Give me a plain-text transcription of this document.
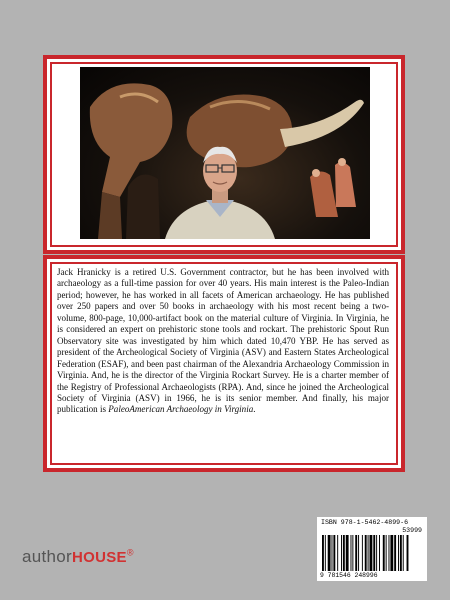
Jack Hranicky is a retired U.S. Government contractor, but he has been involved with archaeology as a full-time passion for over 40 years. His main interest is the Paleo-Indian period; however, he has worked in all facets of American archaeology. He has published over 250 papers and over 50 books in archaeology with his most recent being a two-volume, 800-page, 10,000-artifact book on the material culture of Virginia. In Virginia, he is considered an expert on prehistoric stone tools and rockart. The prehistoric Spout Run Observatory site was investigated by him which dated 10,470 YBP. He has served as president of the Archeological Society of Virginia (ASV) and Eastern States Archeological Federation (ESAF), and been past chairman of the Alexandria Archaeology Commission in Virginia. And, he is the director of the Virginia Rockart Survey. He is a charter member of the Registry of Professional Archaeologists (RPA). And, since he joined the Archeological Society of Virginia (ASV) in 1966, he is its senior member. And finally, his major publication is PaleoAmerican Archaeology in Virginia.

authorHOUSE®
ISBN 978-1-5462-4899-6
53999
9 781546 248996
